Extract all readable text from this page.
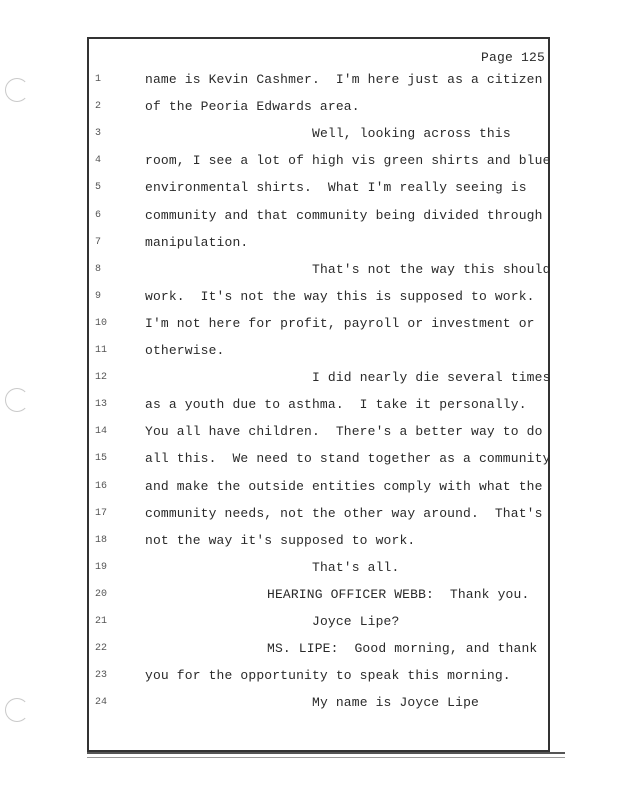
Page 125
1	name is Kevin Cashmer.  I'm here just as a citizen
2	of the Peoria Edwards area.
3	Well, looking across this
4	room, I see a lot of high vis green shirts and blue
5	environmental shirts.  What I'm really seeing is
6	community and that community being divided through
7	manipulation.
8	That's not the way this should
9	work.  It's not the way this is supposed to work.
10	I'm not here for profit, payroll or investment or
11	otherwise.
12	I did nearly die several times
13	as a youth due to asthma.  I take it personally.
14	You all have children.  There's a better way to do
15	all this.  We need to stand together as a community
16	and make the outside entities comply with what the
17	community needs, not the other way around.  That's
18	not the way it's supposed to work.
19	That's all.
20	HEARING OFFICER WEBB:  Thank you.
21	Joyce Lipe?
22	MS. LIPE:  Good morning, and thank
23	you for the opportunity to speak this morning.
24	My name is Joyce Lipe
